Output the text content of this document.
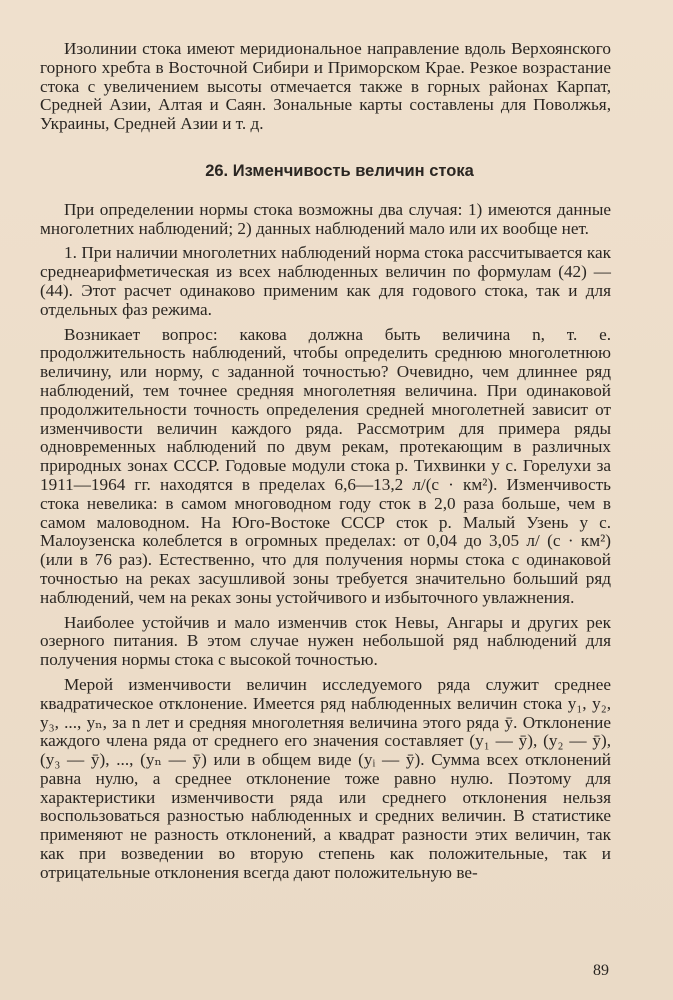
Изолинии стока имеют меридиональное направление вдоль Верхоянского горного хребта в Восточной Сибири и Приморском Крае. Резкое возрастание стока с увеличением высоты отмечается также в горных районах Карпат, Средней Азии, Алтая и Саян. Зональные карты составлены для Поволжья, Украины, Средней Азии и т. д.

26. Изменчивость величин стока

При определении нормы стока возможны два случая: 1) имеются данные многолетних наблюдений; 2) данных наблюдений мало или их вообще нет.

1. При наличии многолетних наблюдений норма стока рассчитывается как среднеарифметическая из всех наблюденных величин по формулам (42) — (44). Этот расчет одинаково применим как для годового стока, так и для отдельных фаз режима.

Возникает вопрос: какова должна быть величина n, т. е. продолжительность наблюдений, чтобы определить среднюю многолетнюю величину, или норму, с заданной точностью? Очевидно, чем длиннее ряд наблюдений, тем точнее средняя многолетняя величина. При одинаковой продолжительности точность определения средней многолетней зависит от изменчивости величин каждого ряда. Рассмотрим для примера ряды одновременных наблюдений по двум рекам, протекающим в различных природных зонах СССР. Годовые модули стока р. Тихвинки у с. Горелухи за 1911—1964 гг. находятся в пределах 6,6—13,2 л/(с · км²). Изменчивость стока невелика: в самом многоводном году сток в 2,0 раза больше, чем в самом маловодном. На Юго-Востоке СССР сток р. Малый Узень у с. Малоузенска колеблется в огромных пределах: от 0,04 до 3,05 л/ (с · км²) (или в 76 раз). Естественно, что для получения нормы стока с одинаковой точностью на реках засушливой зоны требуется значительно больший ряд наблюдений, чем на реках зоны устойчивого и избыточного увлажнения.

Наиболее устойчив и мало изменчив сток Невы, Ангары и других рек озерного питания. В этом случае нужен небольшой ряд наблюдений для получения нормы стока с высокой точностью.

Мерой изменчивости величин исследуемого ряда служит среднее квадратическое отклонение. Имеется ряд наблюденных величин стока y₁, y₂, y₃, ..., yₙ, за n лет и средняя многолетняя величина этого ряда ȳ. Отклонение каждого члена ряда от среднего его значения составляет (y₁ — ȳ), (y₂ — ȳ), (y₃ — ȳ), ..., (yₙ — ȳ) или в общем виде (yᵢ — ȳ). Сумма всех отклонений равна нулю, а среднее отклонение тоже равно нулю. Поэтому для характеристики изменчивости ряда или среднего отклонения нельзя воспользоваться разностью наблюденных и средних величин. В статистике применяют не разность отклонений, а квадрат разности этих величин, так как при возведении во вторую степень как положительные, так и отрицательные отклонения всегда дают положительную ве-

89
